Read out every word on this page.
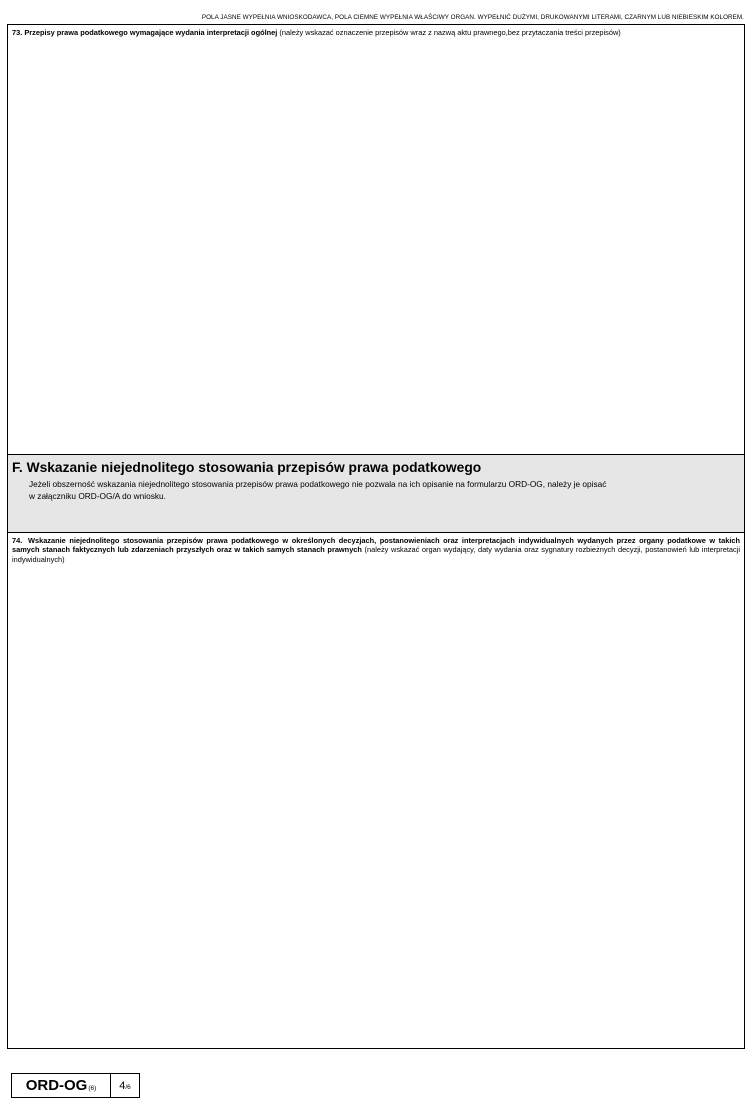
POLA JASNE WYPEŁNIA WNIOSKODAWCA, POLA CIEMNE WYPEŁNIA WŁAŚCIWY ORGAN. WYPEŁNIĆ DUŻYMI, DRUKOWANYMI LITERAMI, CZARNYM LUB NIEBIESKIM KOLOREM.
73. Przepisy prawa podatkowego wymagające wydania interpretacji ogólnej (należy wskazać oznaczenie przepisów wraz z nazwą aktu prawnego,bez przytaczania treści przepisów)
F. Wskazanie niejednolitego stosowania przepisów prawa podatkowego
Jeżeli obszerność wskazania niejednolitego stosowania przepisów prawa podatkowego nie pozwala na ich opisanie na formularzu ORD-OG, należy je opisać
w załączniku ORD-OG/A do wniosku.
74. Wskazanie niejednolitego stosowania przepisów prawa podatkowego w określonych decyzjach, postanowieniach oraz interpretacjach indywidualnych wydanych przez organy podatkowe w takich samych stanach faktycznych lub zdarzeniach przyszłych oraz w takich samych stanach prawnych (należy wskazać organ wydający, daty wydania oraz sygnatury rozbieżnych decyzji, postanowień lub interpretacji indywidualnych)
ORD-OG (6) 4 /6
